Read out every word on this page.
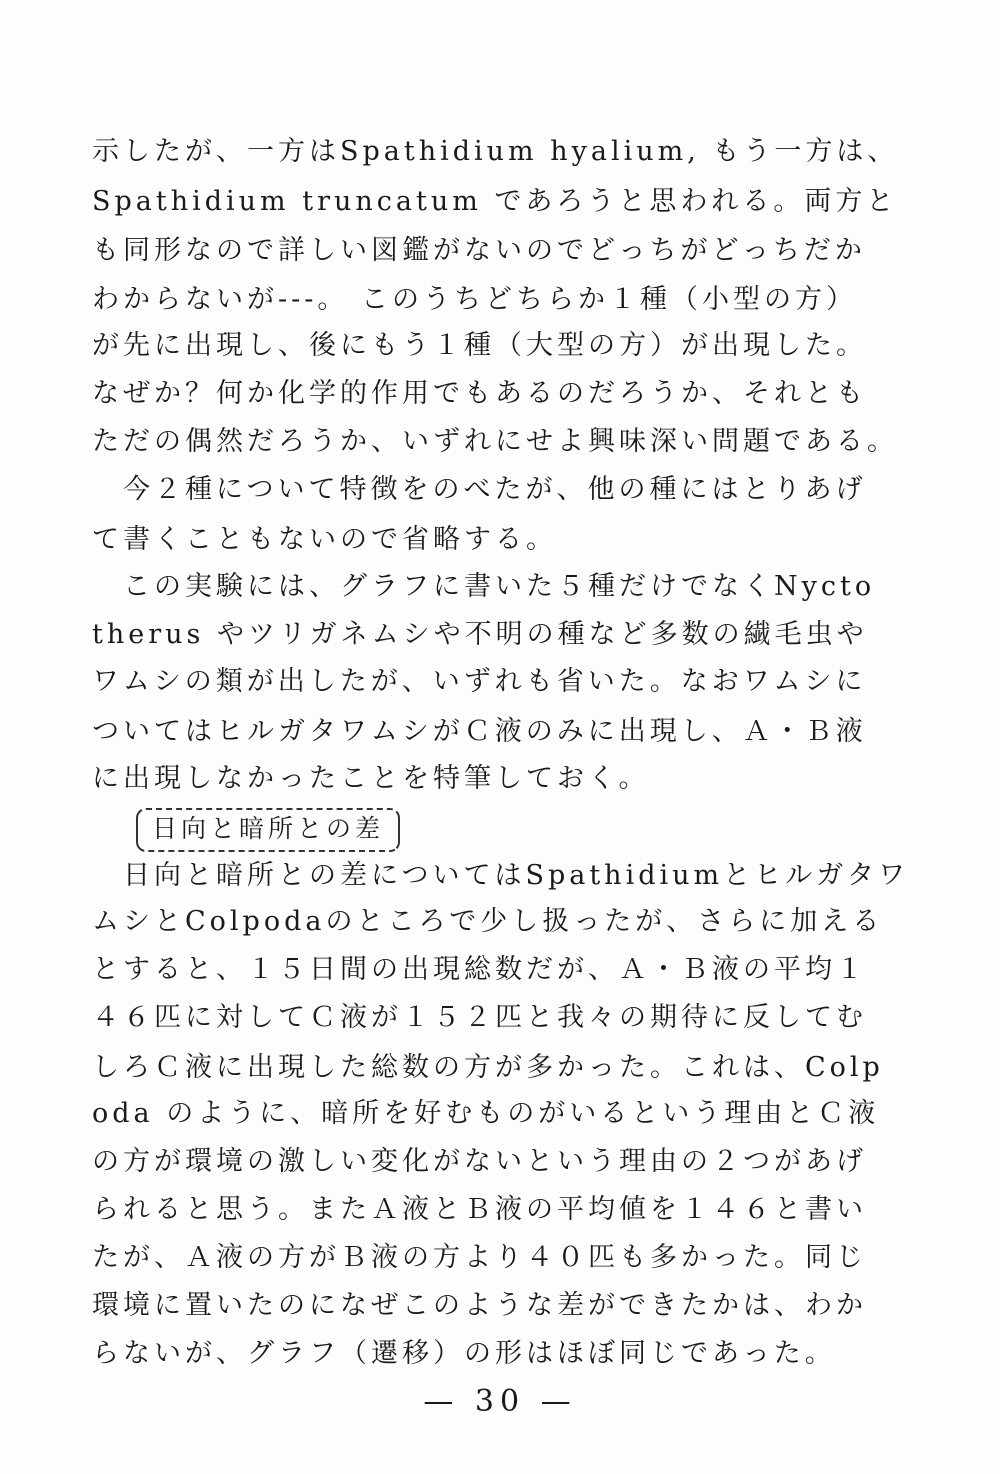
示したが、一方はSpathidium hyalium, もう一方は、
Spathidium truncatum であろうと思われる。両方と
も同形なので詳しい図鑑がないのでどっちがどっちだか
わからないが---。 このうちどちらか１種（小型の方）
が先に出現し、後にもう１種（大型の方）が出現した。
なぜか？何か化学的作用でもあるのだろうか、それとも
ただの偶然だろうか、いずれにせよ興味深い問題である。
　今２種について特徴をのべたが、他の種にはとりあげ
て書くこともないので省略する。
　この実験には、グラフに書いた５種だけでなくNycto
therus やツリガネムシや不明の種など多数の繊毛虫や
ワムシの類が出したが、いずれも省いた。なおワムシに
ついてはヒルガタワムシがＣ液のみに出現し、Ａ・Ｂ液
に出現しなかったことを特筆しておく。
日向と暗所との差
　日向と暗所との差についてはSpathidiumとヒルガタワ
ムシとColpodaのところで少し扱ったが、さらに加える
とすると、１５日間の出現総数だが、Ａ・Ｂ液の平均１
４６匹に対してＣ液が１５２匹と我々の期待に反してむ
しろＣ液に出現した総数の方が多かった。これは、Colp
oda のように、暗所を好むものがいるという理由とＣ液
の方が環境の激しい変化がないという理由の２つがあげ
られると思う。またＡ液とＢ液の平均値を１４６と書い
たが、Ａ液の方がＢ液の方より４０匹も多かった。同じ
環境に置いたのになぜこのような差ができたかは、わか
らないが、グラフ（遷移）の形はほぼ同じであった。
— 30 —
